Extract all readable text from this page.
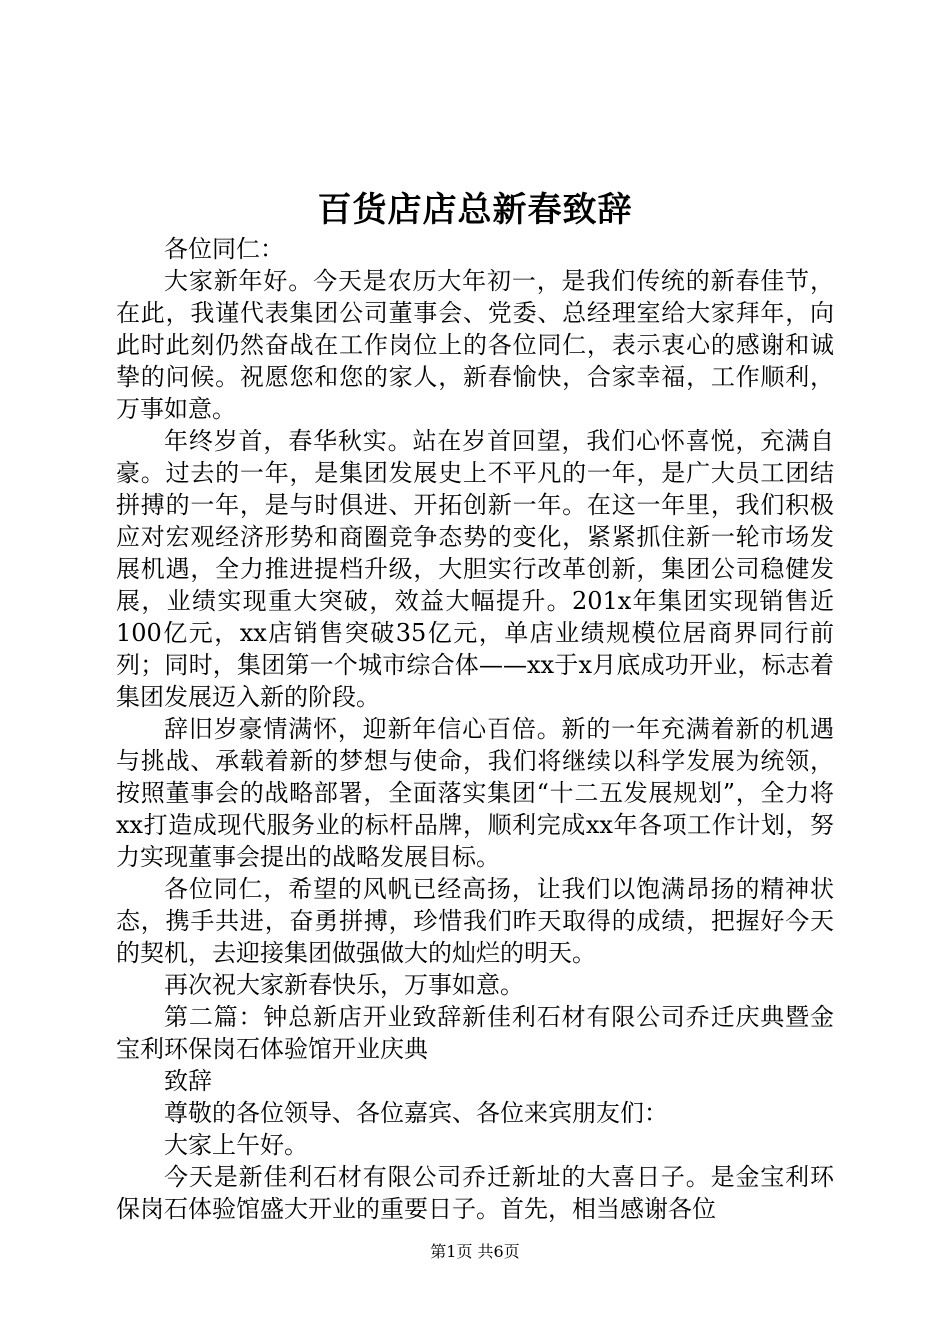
百货店店总新春致辞

各位同仁：

大家新年好。今天是农历大年初一，是我们传统的新春佳节，在此，我谨代表集团公司董事会、党委、总经理室给大家拜年，向此时此刻仍然奋战在工作岗位上的各位同仁，表示衷心的感谢和诚挚的问候。祝愿您和您的家人，新春愉快，合家幸福，工作顺利，万事如意。

年终岁首，春华秋实。站在岁首回望，我们心怀喜悦，充满自豪。过去的一年，是集团发展史上不平凡的一年，是广大员工团结拼搏的一年，是与时俱进、开拓创新一年。在这一年里，我们积极应对宏观经济形势和商圈竞争态势的变化，紧紧抓住新一轮市场发展机遇，全力推进提档升级，大胆实行改革创新，集团公司稳健发展，业绩实现重大突破，效益大幅提升。201x年集团实现销售近100亿元，xx店销售突破35亿元，单店业绩规模位居商界同行前列；同时，集团第一个城市综合体——xx于x月底成功开业，标志着集团发展迈入新的阶段。

辞旧岁豪情满怀，迎新年信心百倍。新的一年充满着新的机遇与挑战、承载着新的梦想与使命，我们将继续以科学发展为统领，按照董事会的战略部署，全面落实集团“十二五发展规划”，全力将xx打造成现代服务业的标杆品牌，顺利完成xx年各项工作计划，努力实现董事会提出的战略发展目标。

各位同仁，希望的风帆已经高扬，让我们以饱满昂扬的精神状态，携手共进，奋勇拼搏，珍惜我们昨天取得的成绩，把握好今天的契机，去迎接集团做强做大的灿烂的明天。

再次祝大家新春快乐，万事如意。

第二篇：钟总新店开业致辞新佳利石材有限公司乔迁庆典暨金宝利环保岗石体验馆开业庆典

致辞

尊敬的各位领导、各位嘉宾、各位来宾朋友们：

大家上午好。

今天是新佳利石材有限公司乔迁新址的大喜日子。是金宝利环保岗石体验馆盛大开业的重要日子。首先，相当感谢各位

第1页 共6页
